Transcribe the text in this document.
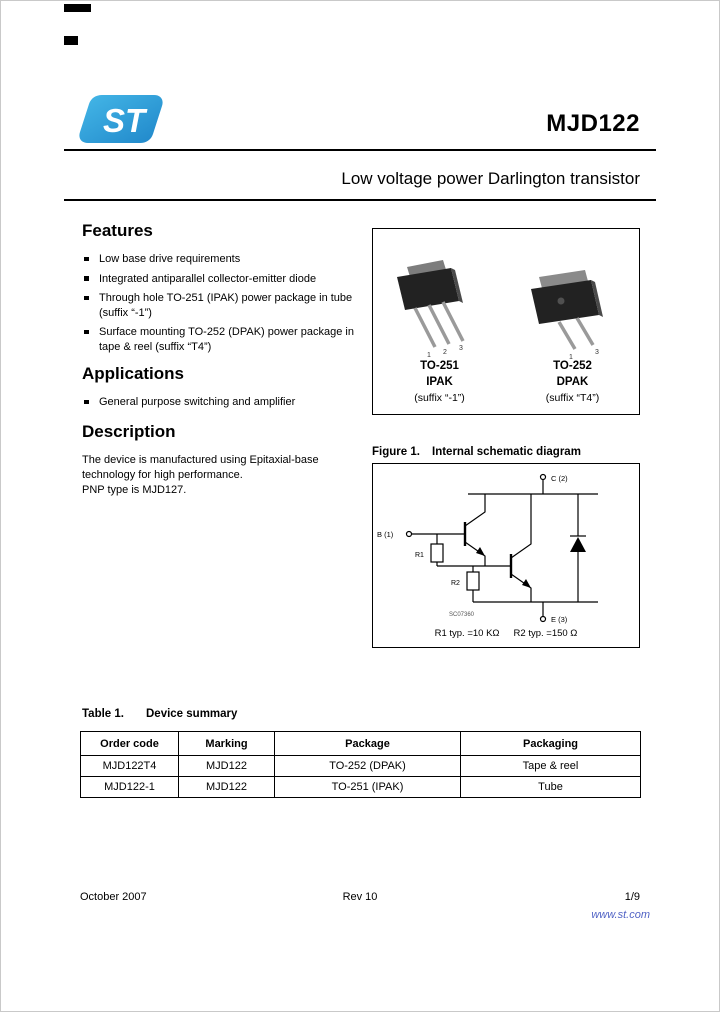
ST	MJD122
Low voltage power Darlington transistor
Features
Low base drive requirements
Integrated antiparallel collector-emitter diode
Through hole TO-251 (IPAK) power package in tube (suffix “-1”)
Surface mounting TO-252 (DPAK) power package in tape & reel (suffix “T4”)
Applications
General purpose switching and amplifier
Description

The device is manufactured using Epitaxial-base technology for high performance.

PNP type is MJD127.

1 2
3
1
3
TO-251
IPAK
(suffix “-1”)
TO-252
DPAK
(suffix “T4”)
Figure 1. Internal schematic diagram
C (2)
B (1)
E (3)
R1
R2
SC07360
R1 typ. =10 KΩ R2 typ. =150 Ω
Table 1. Device summary
Order code	Marking	Package	Packaging
MJD122T4	MJD122	TO-252 (DPAK)	Tape & reel
MJD122-1	MJD122	TO-251 (IPAK)	Tube
October 2007	Rev 10	1/9
www.st.com
